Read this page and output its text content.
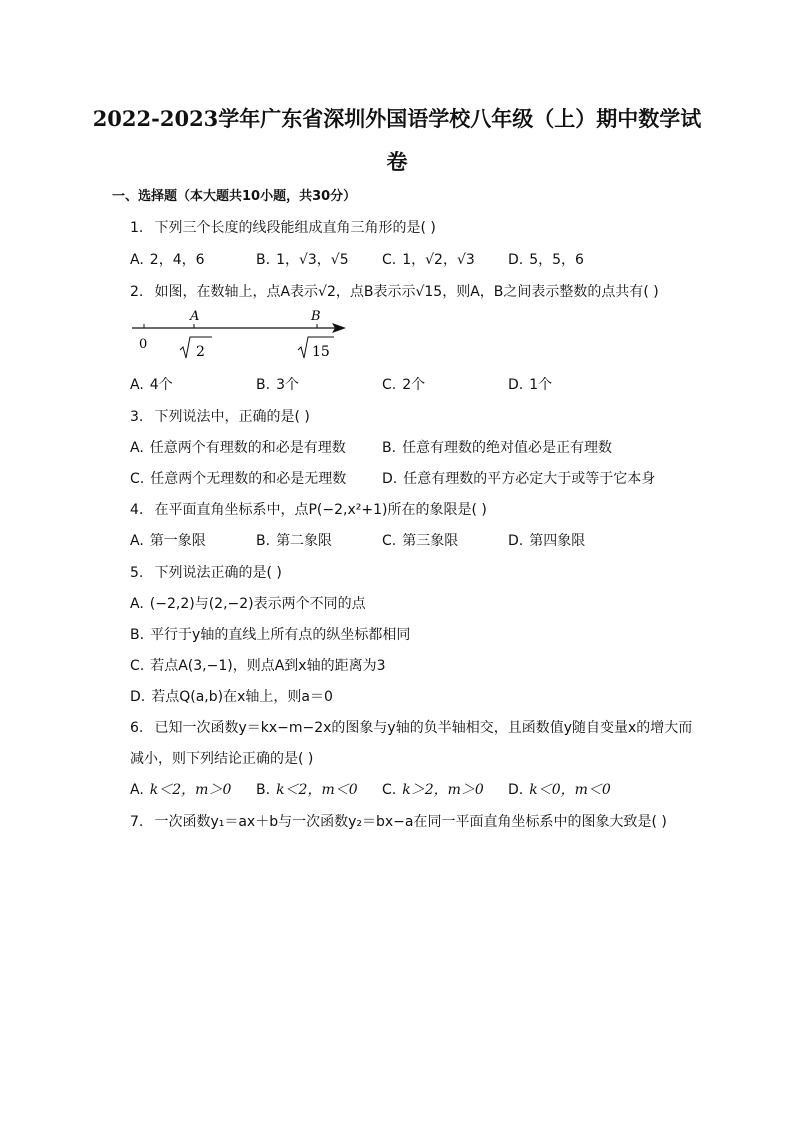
2022-2023学年广东省深圳外国语学校八年级（上）期中数学试
卷
一、选择题（本大题共10小题，共30分）
1. 下列三个长度的线段能组成直角三角形的是( )
A. 2，4，6	B. 1，√3，√5 C. 1，√2，√3 D. 5，5，6
2. 如图，在数轴上，点A表示√2，点B表示示√15，则A，B之间表示整数的点共有( )
0
A	B
2	15
A. 4个	B. 3个	C. 2个	D. 1个
3. 下列说法中，正确的是( )
A. 任意两个有理数的和必是有理数	B. 任意有理数的绝对值必是正有理数
C. 任意两个无理数的和必是无理数	D. 任意有理数的平方必定大于或等于它本身
4. 在平面直角坐标系中，点P(−2,x²+1)所在的象限是( )
A. 第一象限	B. 第二象限	C. 第三象限	D. 第四象限
5. 下列说法正确的是( )
A. (−2,2)与(2,−2)表示两个不同的点
B. 平行于y轴的直线上所有点的纵坐标都相同
C. 若点A(3,−1)，则点A到x轴的距离为3
D. 若点Q(a,b)在x轴上，则a＝0
6. 已知一次函数y＝kx−m−2x的图象与y轴的负半轴相交，且函数值y随自变量x的增大而
减小，则下列结论正确的是( )
A. k＜2，m＞0 B. k＜2，m＜0 C. k＞2，m＞0 D. k＜0，m＜0
7. 一次函数y₁＝ax＋b与一次函数y₂＝bx−a在同一平面直角坐标系中的图象大致是( )
